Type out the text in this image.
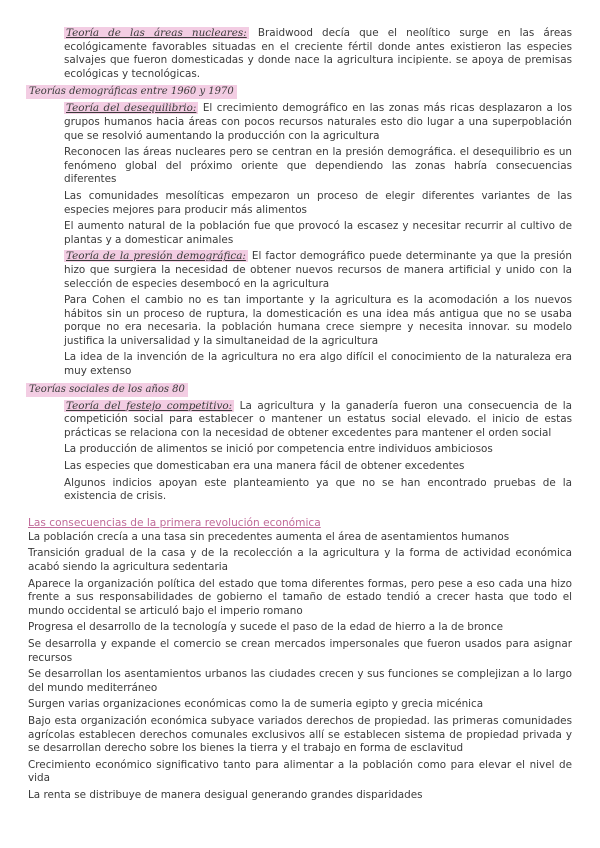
Teoría de las áreas nucleares: Braidwood decía que el neolítico surge en las áreas ecológicamente favorables situadas en el creciente fértil donde antes existieron las especies salvajes que fueron domesticadas y donde nace la agricultura incipiente. se apoya de premisas ecológicas y tecnológicas.

Teorías demográficas entre 1960 y 1970

Teoría del desequilibrio: El crecimiento demográfico en las zonas más ricas desplazaron a los grupos humanos hacia áreas con pocos recursos naturales esto dio lugar a una superpoblación que se resolvió aumentando la producción con la agricultura

Reconocen las áreas nucleares pero se centran en la presión demográfica. el desequilibrio es un fenómeno global del próximo oriente que dependiendo las zonas habría consecuencias diferentes

Las comunidades mesolíticas empezaron un proceso de elegir diferentes variantes de las especies mejores para producir más alimentos

El aumento natural de la población fue que provocó la escasez y necesitar recurrir al cultivo de plantas y a domesticar animales

Teoría de la presión demográfica: El factor demográfico puede determinante ya que la presión hizo que surgiera la necesidad de obtener nuevos recursos de manera artificial y unido con la selección de especies desembocó en la agricultura

Para Cohen el cambio no es tan importante y la agricultura es la acomodación a los nuevos hábitos sin un proceso de ruptura, la domesticación es una idea más antigua que no se usaba porque no era necesaria. la población humana crece siempre y necesita innovar. su modelo justifica la universalidad y la simultaneidad de la agricultura

La idea de la invención de la agricultura no era algo difícil el conocimiento de la naturaleza era muy extenso

Teorías sociales de los años 80

Teoría del festejo competitivo: La agricultura y la ganadería fueron una consecuencia de la competición social para establecer o mantener un estatus social elevado. el inicio de estas prácticas se relaciona con la necesidad de obtener excedentes para mantener el orden social

La producción de alimentos se inició por competencia entre individuos ambiciosos

Las especies que domesticaban era una manera fácil de obtener excedentes

Algunos indicios apoyan este planteamiento ya que no se han encontrado pruebas de la existencia de crisis.

Las consecuencias de la primera revolución económica

La población crecía a una tasa sin precedentes aumenta el área de asentamientos humanos

Transición gradual de la casa y de la recolección a la agricultura y la forma de actividad económica acabó siendo la agricultura sedentaria

Aparece la organización política del estado que toma diferentes formas, pero pese a eso cada una hizo frente a sus responsabilidades de gobierno el tamaño de estado tendió a crecer hasta que todo el mundo occidental se articuló bajo el imperio romano

Progresa el desarrollo de la tecnología y sucede el paso de la edad de hierro a la de bronce

Se desarrolla y expande el comercio se crean mercados impersonales que fueron usados para asignar recursos

Se desarrollan los asentamientos urbanos las ciudades crecen y sus funciones se complejizan a lo largo del mundo mediterráneo

Surgen varias organizaciones económicas como la de sumeria egipto y grecia micénica

Bajo esta organización económica subyace variados derechos de propiedad. las primeras comunidades agrícolas establecen derechos comunales exclusivos allí se establecen sistema de propiedad privada y se desarrollan derecho sobre los bienes la tierra y el trabajo en forma de esclavitud

Crecimiento económico significativo tanto para alimentar a la población como para elevar el nivel de vida

La renta se distribuye de manera desigual generando grandes disparidades
